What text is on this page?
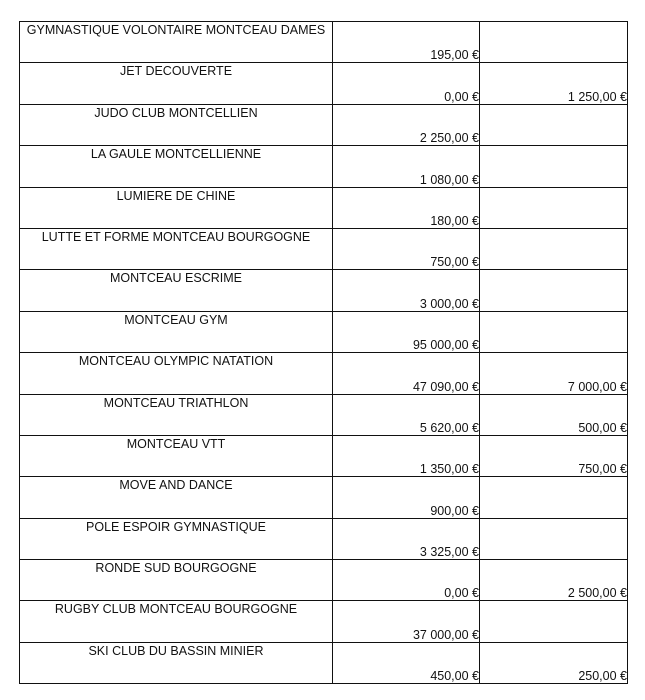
GYMNASTIQUE VOLONTAIRE MONTCEAU DAMES	195,00 €	
JET DECOUVERTE	0,00 €	1 250,00 €
JUDO CLUB MONTCELLIEN	2 250,00 €	
LA GAULE MONTCELLIENNE	1 080,00 €	
LUMIERE DE CHINE	180,00 €	
LUTTE ET FORME MONTCEAU BOURGOGNE	750,00 €	
MONTCEAU ESCRIME	3 000,00 €	
MONTCEAU GYM	95 000,00 €	
MONTCEAU OLYMPIC NATATION	47 090,00 €	7 000,00 €
MONTCEAU TRIATHLON	5 620,00 €	500,00 €
MONTCEAU VTT	1 350,00 €	750,00 €
MOVE AND DANCE	900,00 €	
POLE ESPOIR GYMNASTIQUE	3 325,00 €	
RONDE SUD BOURGOGNE	0,00 €	2 500,00 €
RUGBY CLUB MONTCEAU BOURGOGNE	37 000,00 €	
SKI CLUB DU BASSIN MINIER	450,00 €	250,00 €
